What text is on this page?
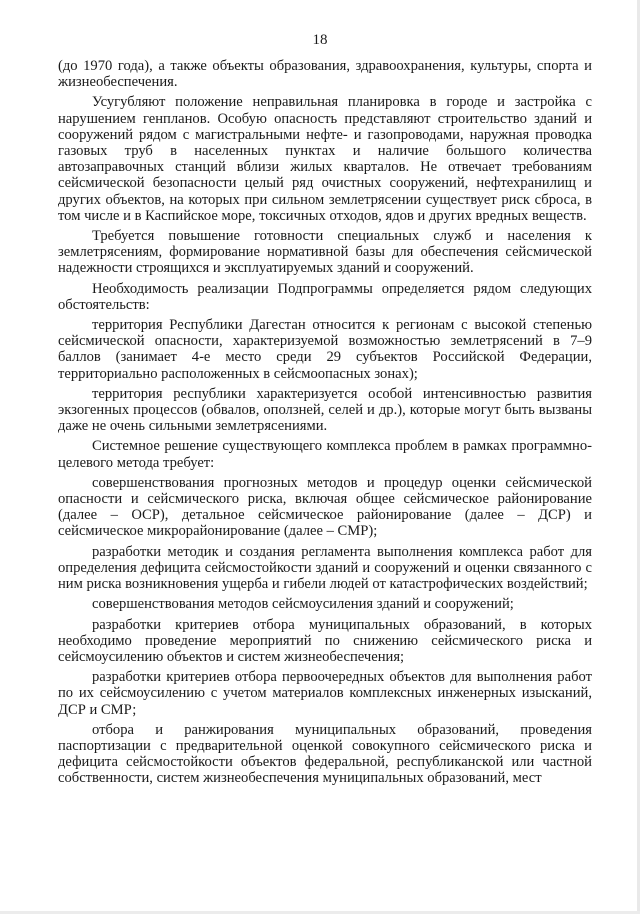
18

(до 1970 года), а также объекты образования, здравоохранения, культуры, спорта и жизнеобеспечения.

Усугубляют положение неправильная планировка в городе и застройка с нарушением генпланов. Особую опасность представляют строительство зданий и сооружений рядом с магистральными нефте- и газопроводами, наружная проводка газовых труб в населенных пунктах и наличие большого количества автозаправочных станций вблизи жилых кварталов. Не отвечает требованиям сейсмической безопасности целый ряд очистных сооружений, нефтехранилищ и других объектов, на которых при сильном землетрясении существует риск сброса, в том числе и в Каспийское море, токсичных отходов, ядов и других вредных веществ.

Требуется повышение готовности специальных служб и населения к землетрясениям, формирование нормативной базы для обеспечения сейсмической надежности строящихся и эксплуатируемых зданий и сооружений.

Необходимость реализации Подпрограммы определяется рядом следующих обстоятельств:

территория Республики Дагестан относится к регионам с высокой степенью сейсмической опасности, характеризуемой возможностью землетрясений в 7–9 баллов (занимает 4-е место среди 29 субъектов Российской Федерации, территориально расположенных в сейсмоопасных зонах);

территория республики характеризуется особой интенсивностью развития экзогенных процессов (обвалов, оползней, селей и др.), которые могут быть вызваны даже не очень сильными землетрясениями.

Системное решение существующего комплекса проблем в рамках программно-целевого метода требует:

совершенствования прогнозных методов и процедур оценки сейсмической опасности и сейсмического риска, включая общее сейсмическое районирование (далее – ОСР), детальное сейсмическое районирование (далее – ДСР) и сейсмическое микрорайонирование (далее – СМР);

разработки методик и создания регламента выполнения комплекса работ для определения дефицита сейсмостойкости зданий и сооружений и оценки связанного с ним риска возникновения ущерба и гибели людей от катастрофических воздействий;

совершенствования методов сейсмоусиления зданий и сооружений;

разработки критериев отбора муниципальных образований, в которых необходимо проведение мероприятий по снижению сейсмического риска и сейсмоусилению объектов и систем жизнеобеспечения;

разработки критериев отбора первоочередных объектов для выполнения работ по их сейсмоусилению с учетом материалов комплексных инженерных изысканий, ДСР и СМР;

отбора и ранжирования муниципальных образований, проведения паспортизации с предварительной оценкой совокупного сейсмического риска и дефицита сейсмостойкости объектов федеральной, республиканской или частной собственности, систем жизнеобеспечения муниципальных образований, мест
